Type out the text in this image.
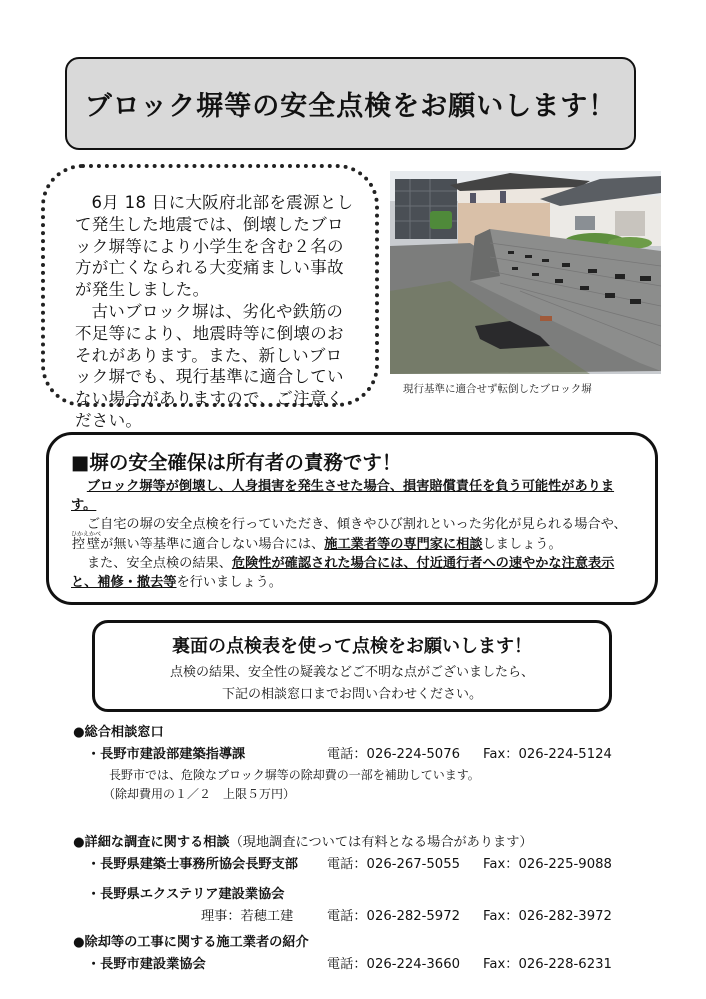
ブロック塀等の安全点検をお願いします！

6月 18 日に大阪府北部を震源として発生した地震では、倒壊したブロック塀等により小学生を含む２名の方が亡くなられる大変痛ましい事故が発生しました。

古いブロック塀は、劣化や鉄筋の不足等により、地震時等に倒壊のおそれがあります。また、新しいブロック塀でも、現行基準に適合していない場合がありますので、ご注意ください。

現行基準に適合せず転倒したブロック塀
■塀の安全確保は所有者の責務です！

ブロック塀等が倒壊し、人身損害を発生させた場合、損害賠償責任を負う可能性があります。

ご自宅の塀の安全点検を行っていただき、傾きやひび割れといった劣化が見られる場合や、控壁ひかえかべが無い等基準に適合しない場合には、施工業者等の専門家に相談しましょう。

また、安全点検の結果、危険性が確認された場合には、付近通行者への速やかな注意表示と、補修・撤去等を行いましょう。

裏面の点検表を使って点検をお願いします！

点検の結果、安全性の疑義などご不明な点がございましたら、

下記の相談窓口までお問い合わせください。

●総合相談窓口
・長野市建設部建築指導課	電話：026-224-5076 Fax：026-224-5124
長野市では、危険なブロック塀等の除却費の一部を補助しています。
（除却費用の１／２　上限５万円）
●詳細な調査に関する相談（現地調査については有料となる場合があります）
・長野県建築士事務所協会長野支部 電話：026-267-5055 Fax：026-225-9088
・長野県エクステリア建設業協会
理事：若穂工建	電話：026-282-5972 Fax：026-282-3972
●除却等の工事に関する施工業者の紹介
・長野市建設業協会	電話：026-224-3660 Fax：026-228-6231
